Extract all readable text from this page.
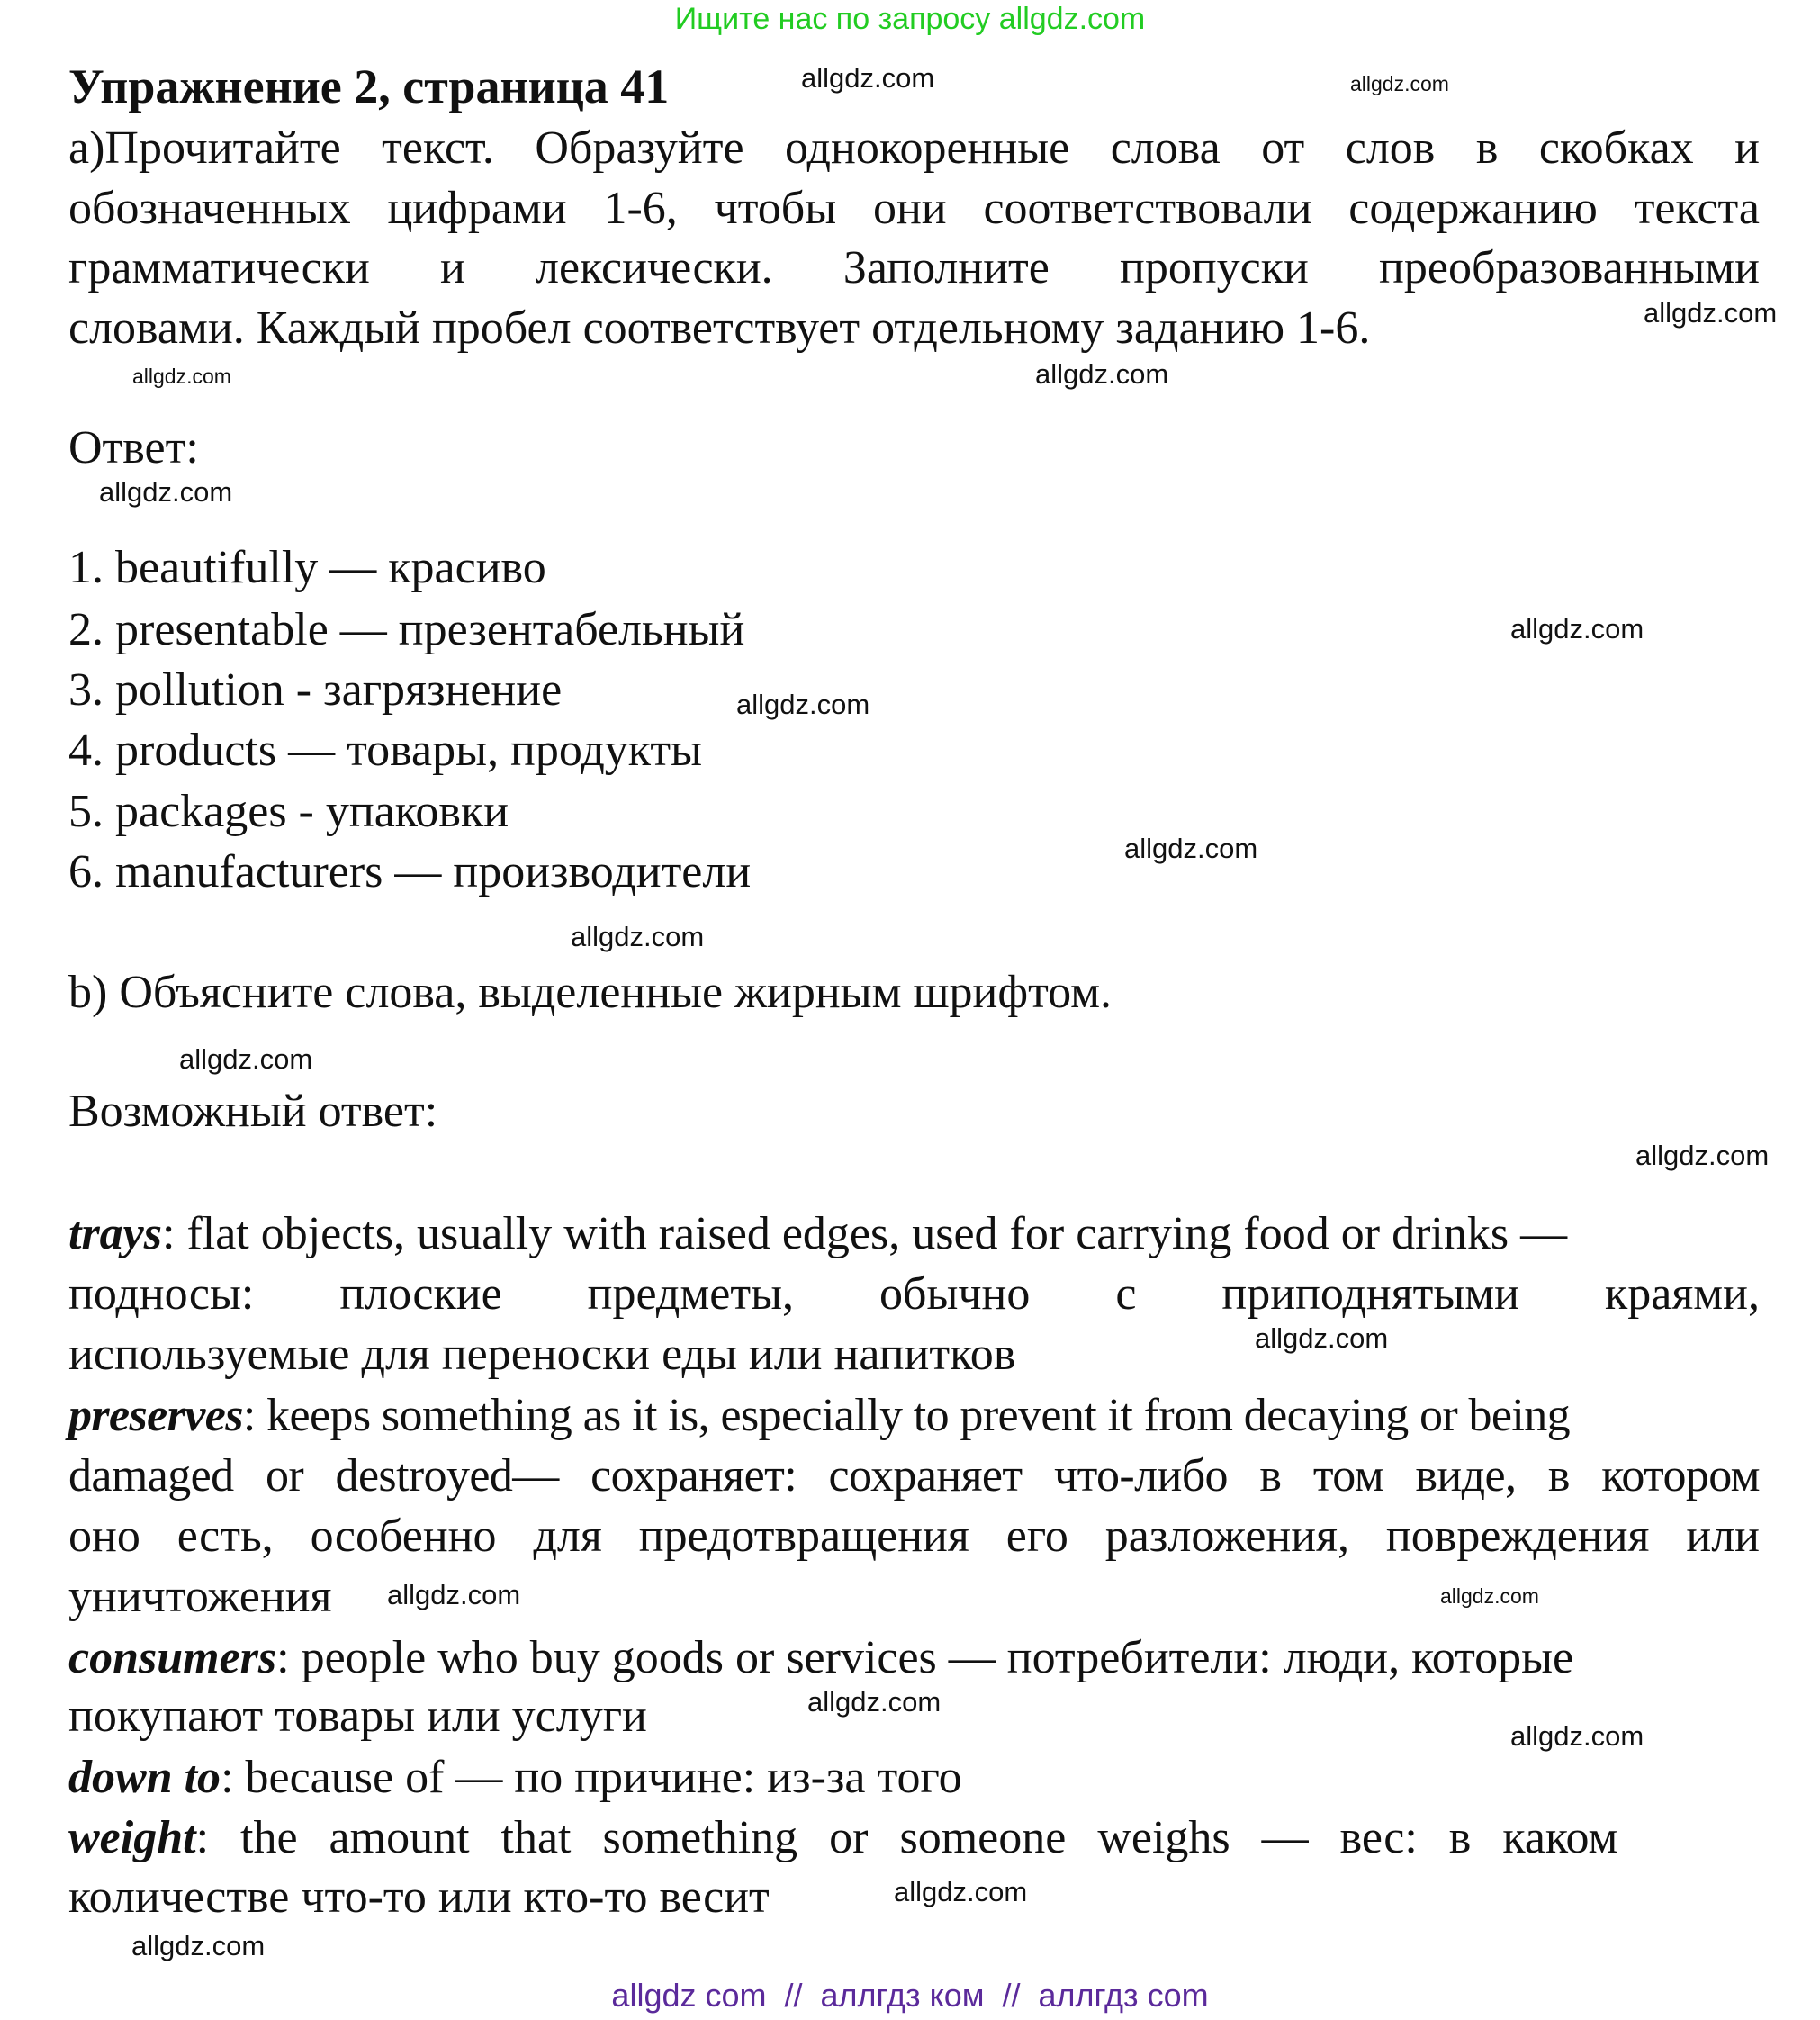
Ищите нас по запросу allgdz.com
Упражнение 2, страница 41
а)Прочитайте текст. Образуйте однокоренные слова от слов в скобках и
обозначенных цифрами 1-6, чтобы они соответствовали содержанию текста
грамматически и лексически. Заполните пропуски преобразованными
словами. Каждый пробел соответствует отдельному заданию 1-6.
Ответ:
1. beautifully — красиво
2. presentable — презентабельный
3. pollution - загрязнение
4. products — товары, продукты
5. packages - упаковки
6. manufacturers — производители
b) Объясните слова, выделенные жирным шрифтом.
Возможный ответ:
trays: flat objects, usually with raised edges, used for carrying food or drinks —
подносы: плоские предметы, обычно с приподнятыми краями,
используемые для переноски еды или напитков
preserves: keeps something as it is, especially to prevent it from decaying or being
damaged or destroyed— сохраняет: сохраняет что-либо в том виде, в котором
оно есть, особенно для предотвращения его разложения, повреждения или
уничтожения
consumers: people who buy goods or services — потребители: люди, которые
покупают товары или услуги
down to: because of — по причине: из-за того
weight: the amount that something or someone weighs — вес: в каком
количестве что-то или кто-то весит
allgdz.com	allgdz.com
allgdz.com
allgdz.com
allgdz.com
allgdz.com
allgdz.com
allgdz.com
allgdz.com
allgdz.com
allgdz.com
allgdz.com
allgdz.com
allgdz.com
allgdz.com
allgdz.com
allgdz.com
allgdz.com
allgdz.com
allgdz com  //  аллгдз ком  //  аллгдз com
